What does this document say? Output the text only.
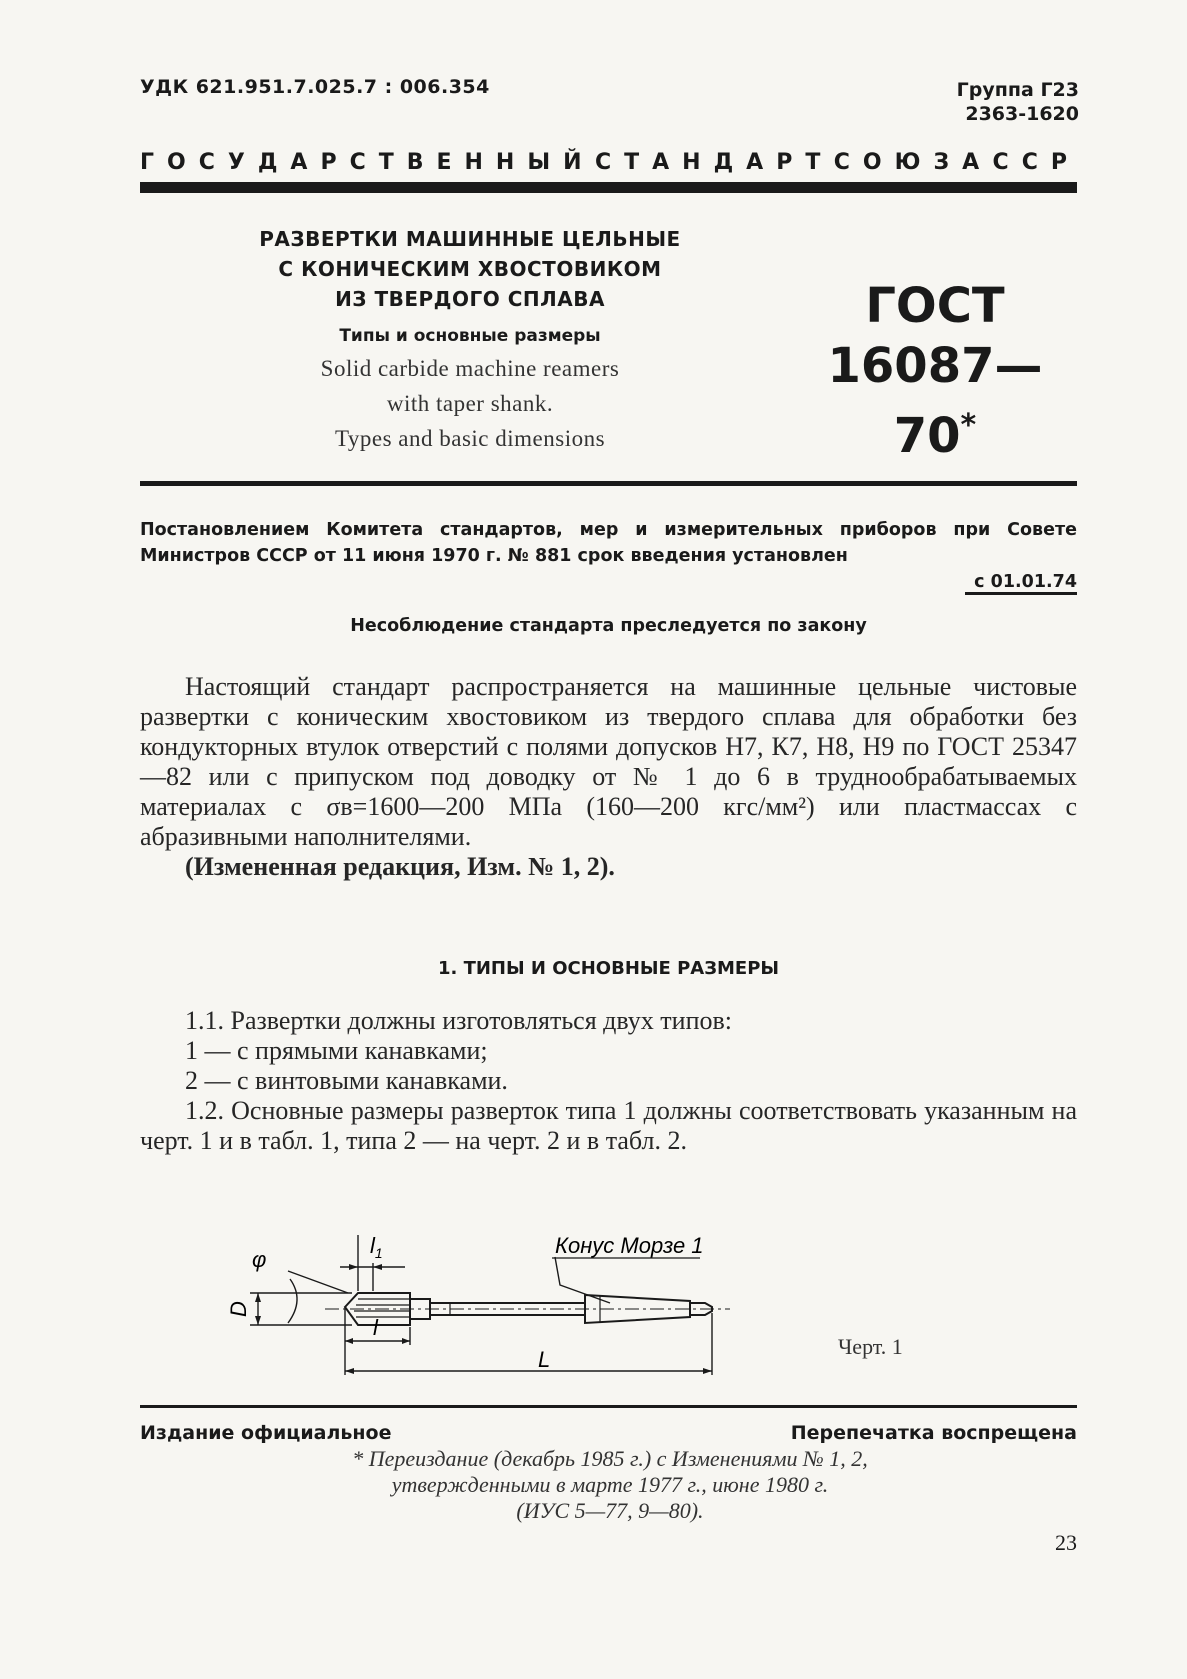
УДК 621.951.7.025.7 : 006.354	Группа Г23
2363-1620
ГОСУДАРСТВЕННЫЙ СТАНДАРТ СОЮЗА ССР
РАЗВЕРТКИ МАШИННЫЕ ЦЕЛЬНЫЕ
С КОНИЧЕСКИМ ХВОСТОВИКОМ
ИЗ ТВЕРДОГО СПЛАВА
Типы и основные размеры
Solid carbide machine reamers
with taper shank.
Types and basic dimensions
ГОСТ
16087—70*
Постановлением Комитета стандартов, мер и измерительных приборов при Совете Министров СССР от 11 июня 1970 г. № 881 срок введения установлен
с 01.01.74
Несоблюдение стандарта преследуется по закону

Настоящий стандарт распространяется на машинные цельные чистовые развертки с коническим хвостовиком из твердого сплава для обработки без кондукторных втулок отверстий с полями допусков Н7, К7, Н8, Н9 по ГОСТ 25347—82 или с припуском под доводку от № 1 до 6 в труднообрабатываемых материалах с σв=1600—200 МПа (160—200 кгс/мм²) или пластмассах с абразивными наполнителями.

(Измененная редакция, Изм. № 1, 2).

1. ТИПЫ И ОСНОВНЫЕ РАЗМЕРЫ
1.1. Развертки должны изготовляться двух типов:
1 — с прямыми канавками;
2 — с винтовыми канавками.

1.2. Основные размеры разверток типа 1 должны соответствовать указанным на черт. 1 и в табл. 1, типа 2 — на черт. 2 и в табл. 2.

Конус Морзе 1
φ
$l_1$
D
l
L
Черт. 1
Издание официальное	Перепечатка воспрещена
* Переиздание (декабрь 1985 г.) с Изменениями № 1, 2,
утвержденными в марте 1977 г., июне 1980 г.
(ИУС 5—77, 9—80).
23
